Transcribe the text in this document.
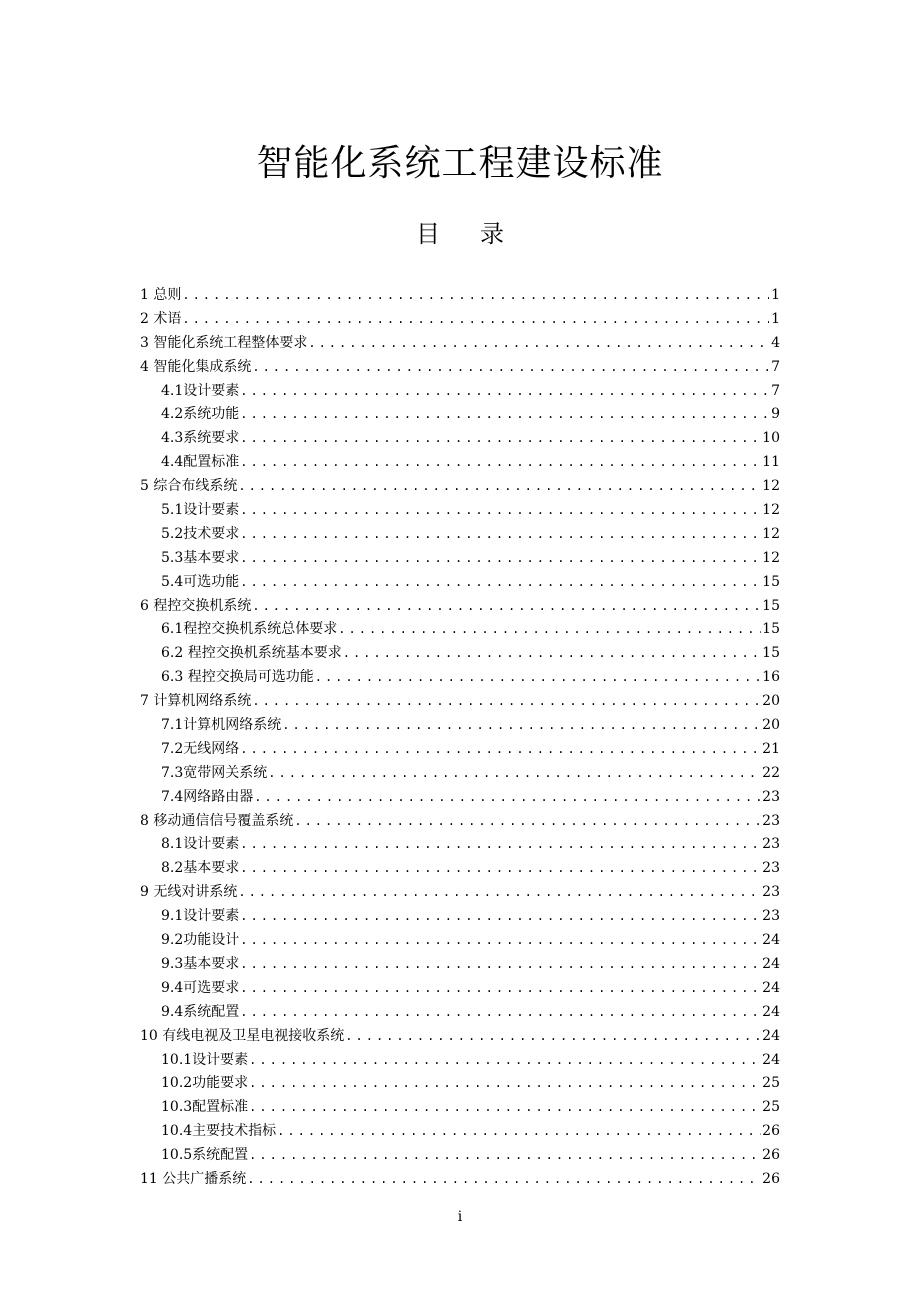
智能化系统工程建设标准
目 录
1 总则 .....	1
2 术语 .....	1
3 智能化系统工程整体要求 .....	4
4 智能化集成系统 .....	7
4.1设计要素 .....	7
4.2系统功能 .....	9
4.3系统要求 .....	10
4.4配置标准 .....	11
5 综合布线系统 .....	12
5.1设计要素 .....	12
5.2技术要求 .....	12
5.3基本要求 .....	12
5.4可选功能 .....	15
6 程控交换机系统 .....	15
6.1程控交换机系统总体要求 .....	15
6.2 程控交换机系统基本要求 .....	15
6.3 程控交换局可选功能 .....	16
7 计算机网络系统 .....	20
7.1计算机网络系统 .....	20
7.2无线网络 .....	21
7.3宽带网关系统 .....	22
7.4网络路由器 .....	23
8 移动通信信号覆盖系统 .....	23
8.1设计要素 .....	23
8.2基本要求 .....	23
9 无线对讲系统 .....	23
9.1设计要素 .....	23
9.2功能设计 .....	24
9.3基本要求 .....	24
9.4可选要求 .....	24
9.4系统配置 .....	24
10 有线电视及卫星电视接收系统 .....	24
10.1设计要素 .....	24
10.2功能要求 .....	25
10.3配置标准 .....	25
10.4主要技术指标 .....	26
10.5系统配置 .....	26
11 公共广播系统 .....	26
i
